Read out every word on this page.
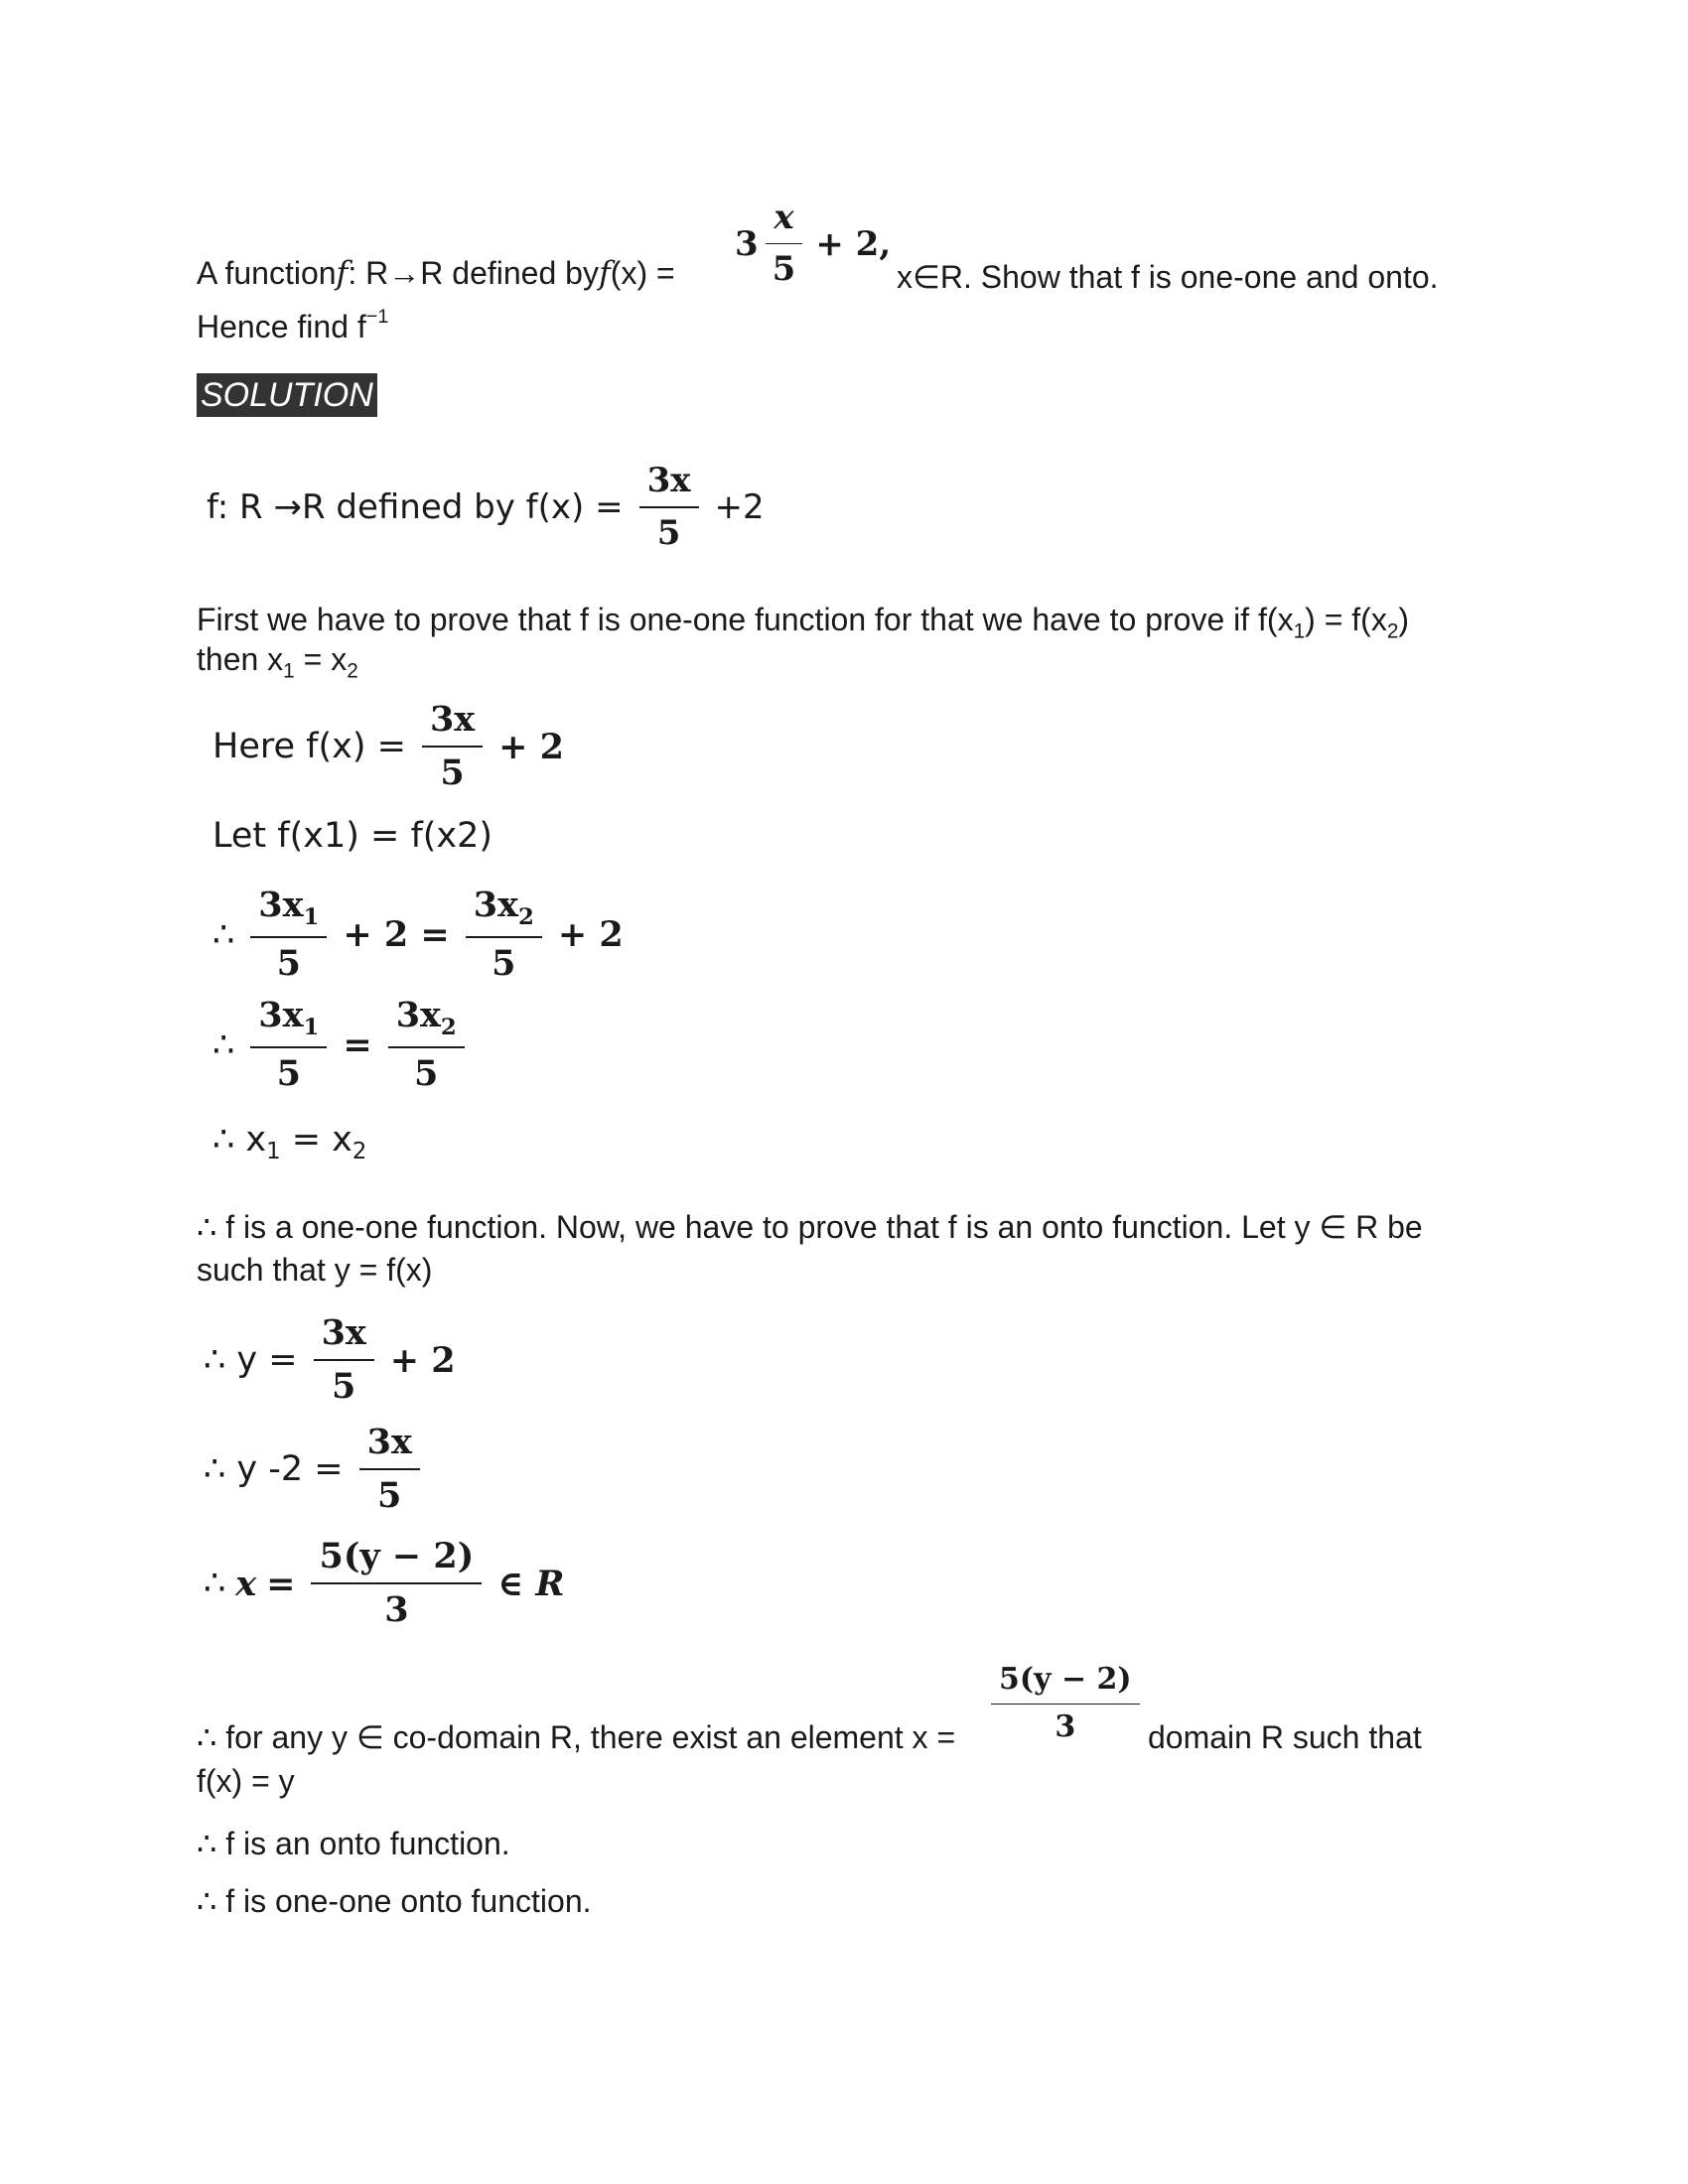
A function f : R→R defined by f (x) =
$3 \frac{x}{5} + 2$,
x∈R. Show that f is one-one and onto.
Hence find $f^{-1}$
SOLUTION
f: R →R defined by $f(x) = \frac{3x}{5} +2$
First we have to prove that f is one-one function for that we have to prove if $f(x_1) = f(x_2)$
then $x_1 = x_2$
Here $f(x) = \frac{3x}{5} + 2$
Let f(x1) = f(x2)
∴ $\frac{3x_1}{5} + 2 = \frac{3x_2}{5} + 2$
∴ $\frac{3x_1}{5} = \frac{3x_2}{5}$
∴ $x_1 = x_2$
∴ f is a one-one function. Now, we have to prove that f is an onto function. Let y ∈ R be
such that y = f(x)
∴ $y = \frac{3x}{5} + 2$
∴ y $-2 = \frac{3x}{5}$
∴ $x = \frac{5(y - 2)}{3}$ ∈ R
∴ for any y ∈ co-domain R, there exist an element $x = \frac{5(y - 2)}{3}$ domain R such that
f(x) = y
∴ f is an onto function.
∴ f is one-one onto function.
